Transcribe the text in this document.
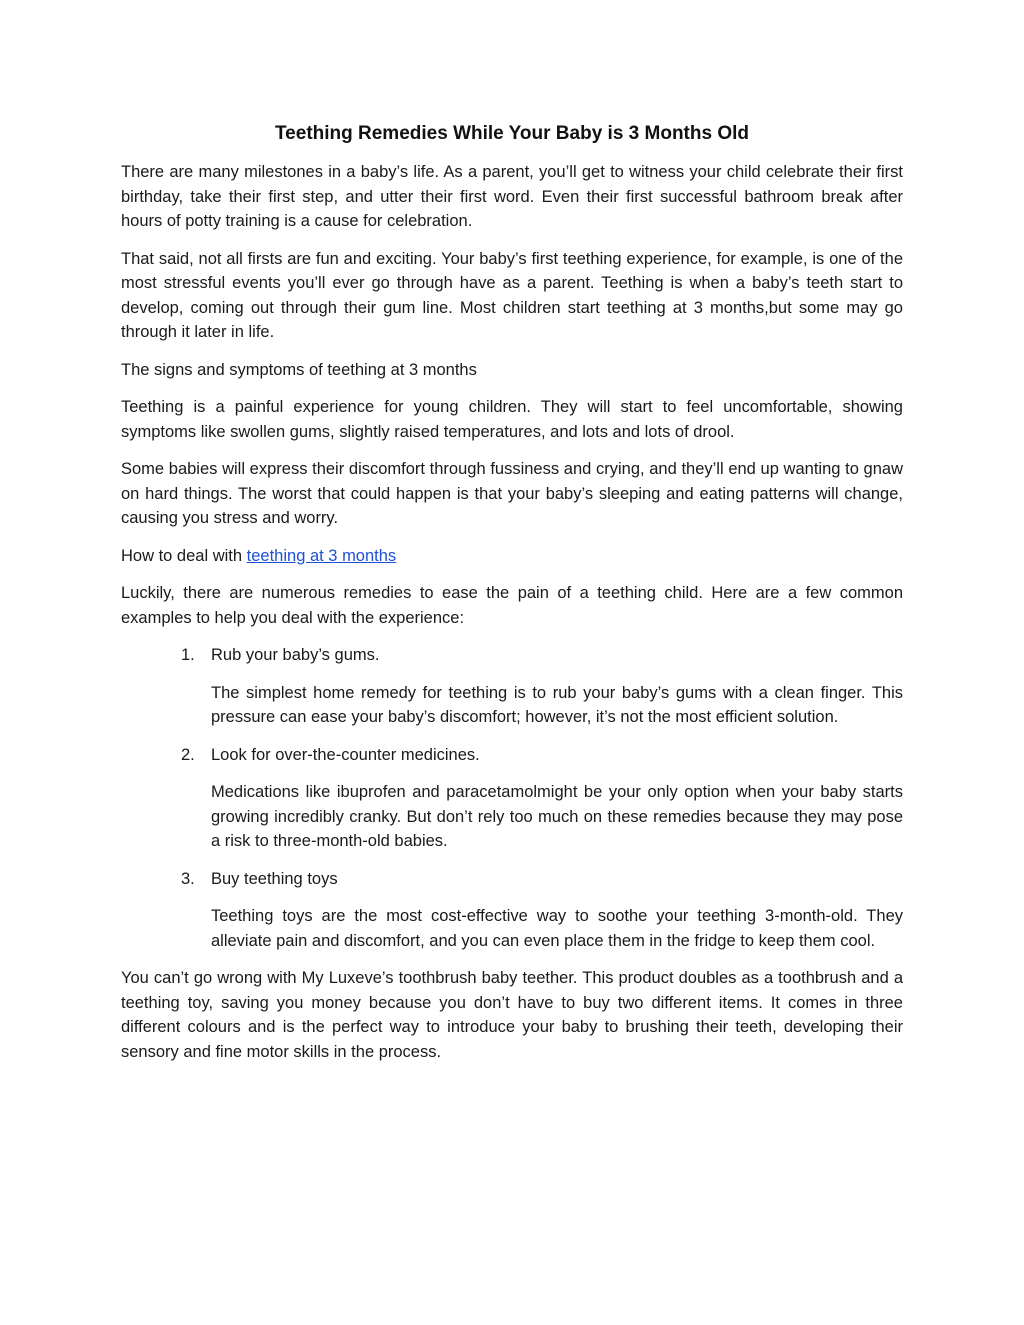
Teething Remedies While Your Baby is 3 Months Old

There are many milestones in a baby’s life. As a parent, you’ll get to witness your child celebrate their first birthday, take their first step, and utter their first word. Even their first successful bathroom break after hours of potty training is a cause for celebration.

That said, not all firsts are fun and exciting. Your baby’s first teething experience, for example, is one of the most stressful events you’ll ever go through have as a parent. Teething is when a baby’s teeth start to develop, coming out through their gum line. Most children start teething at 3 months,but some may go through it later in life.

The signs and symptoms of teething at 3 months

Teething is a painful experience for young children. They will start to feel uncomfortable, showing symptoms like swollen gums, slightly raised temperatures, and lots and lots of drool.

Some babies will express their discomfort through fussiness and crying, and they’ll end up wanting to gnaw on hard things. The worst that could happen is that your baby’s sleeping and eating patterns will change, causing you stress and worry.

How to deal with teething at 3 months

Luckily, there are numerous remedies to ease the pain of a teething child. Here are a few common examples to help you deal with the experience:

1. Rub your baby’s gums.

The simplest home remedy for teething is to rub your baby’s gums with a clean finger. This pressure can ease your baby’s discomfort; however, it’s not the most efficient solution.

2. Look for over-the-counter medicines.

Medications like ibuprofen and paracetamolmight be your only option when your baby starts growing incredibly cranky. But don’t rely too much on these remedies because they may pose a risk to three-month-old babies.

3. Buy teething toys

Teething toys are the most cost-effective way to soothe your teething 3-month-old. They alleviate pain and discomfort, and you can even place them in the fridge to keep them cool.

You can’t go wrong with My Luxeve’s toothbrush baby teether. This product doubles as a toothbrush and a teething toy, saving you money because you don’t have to buy two different items. It comes in three different colours and is the perfect way to introduce your baby to brushing their teeth, developing their sensory and fine motor skills in the process.
